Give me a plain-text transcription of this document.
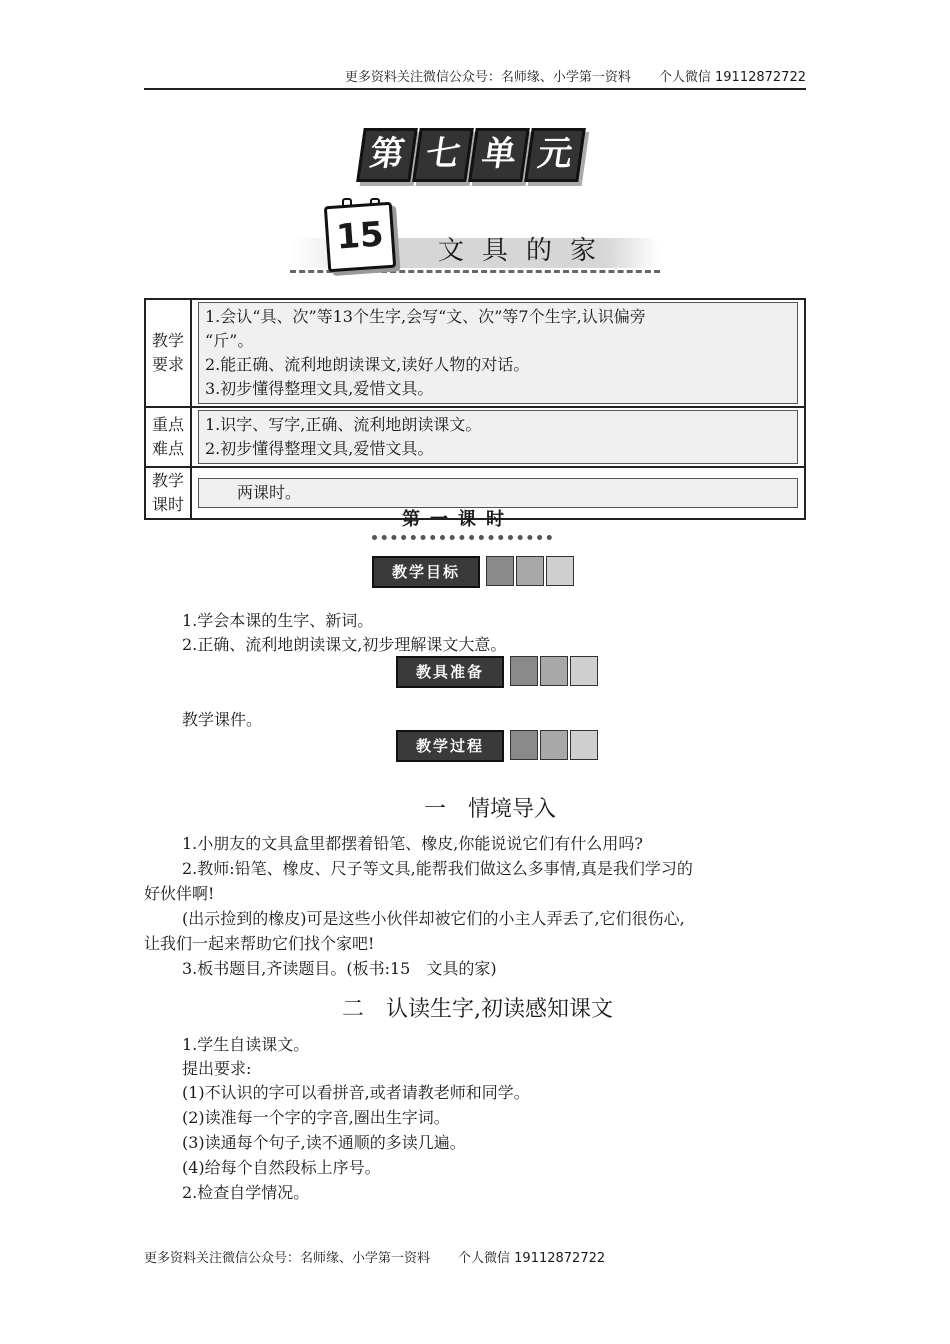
更多资料关注微信公众号：名师缘、小学第一资料 个人微信 19112872722
第 七 单 元
15	文具的家
教学要求	1.会认“具、次”等13个生字,会写“文、次”等7个生字,认识偏旁
“斤”。
2.能正确、流利地朗读课文,读好人物的对话。
3.初步懂得整理文具,爱惜文具。

重点难点	1.识字、写字,正确、流利地朗读课文。
2.初步懂得整理文具,爱惜文具。

教学课时	两课时。
第一课时
教学目标
1.学会本课的生字、新词。
2.正确、流利地朗读课文,初步理解课文大意。
教具准备
教学课件。
教学过程
一　情境导入
1.小朋友的文具盒里都摆着铅笔、橡皮,你能说说它们有什么用吗?
2.教师:铅笔、橡皮、尺子等文具,能帮我们做这么多事情,真是我们学习的
好伙伴啊!
(出示捡到的橡皮)可是这些小伙伴却被它们的小主人弄丢了,它们很伤心,
让我们一起来帮助它们找个家吧!
3.板书题目,齐读题目。(板书:15　文具的家)
二　认读生字,初读感知课文
1.学生自读课文。
提出要求:
(1)不认识的字可以看拼音,或者请教老师和同学。
(2)读准每一个字的字音,圈出生字词。
(3)读通每个句子,读不通顺的多读几遍。
(4)给每个自然段标上序号。
2.检查自学情况。
更多资料关注微信公众号：名师缘、小学第一资料 个人微信 19112872722
